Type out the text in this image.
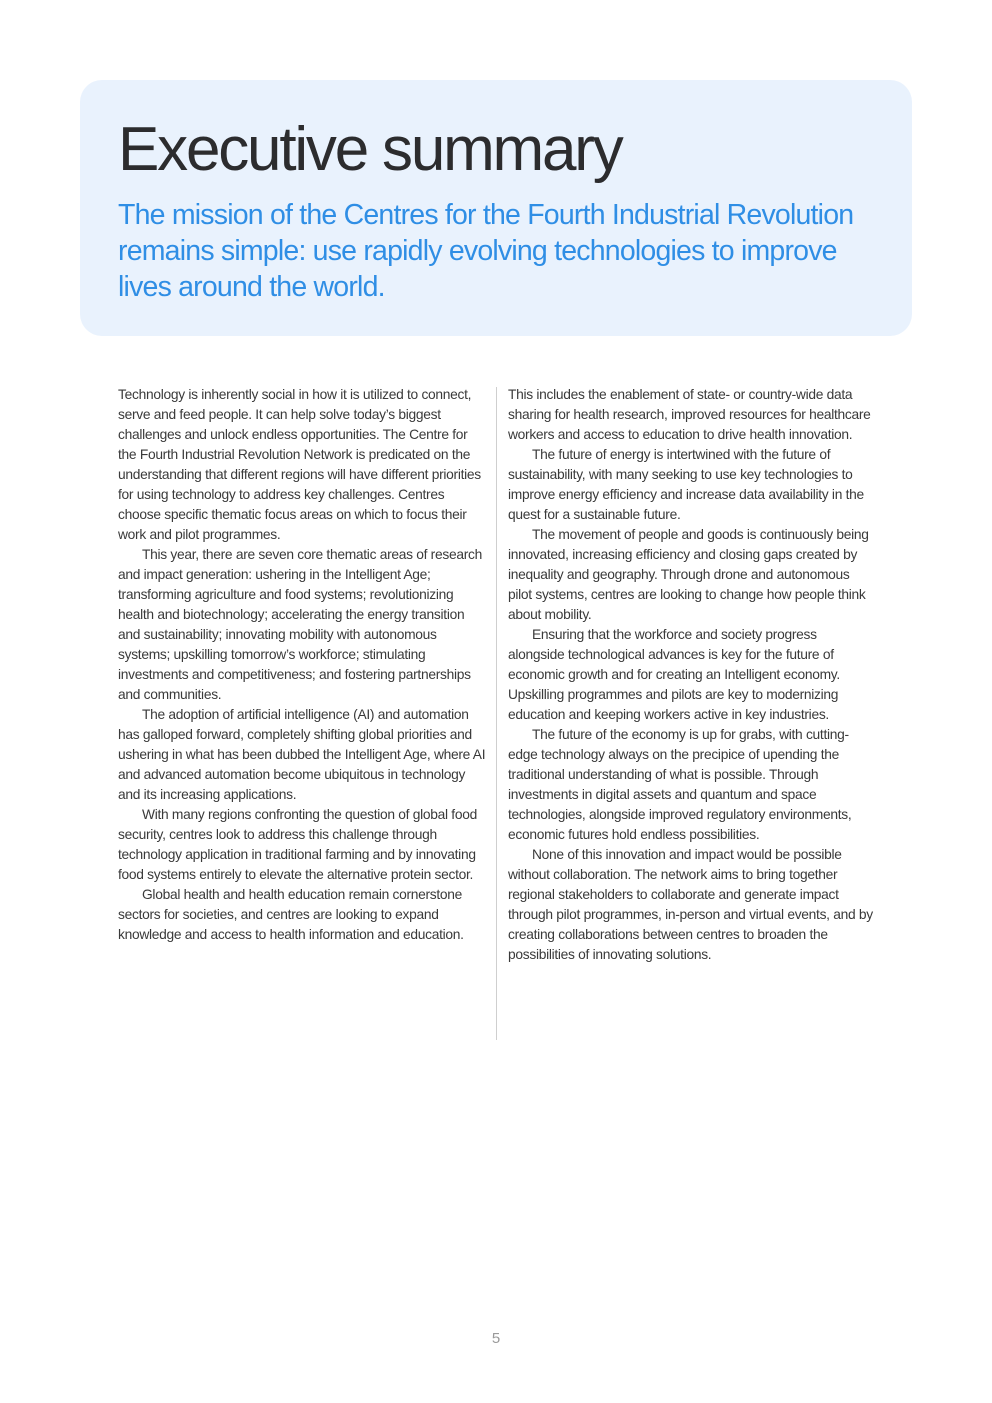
Executive summary
The mission of the Centres for the Fourth Industrial Revolution remains simple: use rapidly evolving technologies to improve lives around the world.

Technology is inherently social in how it is utilized to connect, serve and feed people. It can help solve today’s biggest challenges and unlock endless opportunities. The Centre for the Fourth Industrial Revolution Network is predicated on the understanding that different regions will have different priorities for using technology to address key challenges. Centres choose specific thematic focus areas on which to focus their work and pilot programmes.

This year, there are seven core thematic areas of research and impact generation: ushering in the Intelligent Age; transforming agriculture and food systems; revolutionizing health and biotechnology; accelerating the energy transition and sustainability; innovating mobility with autonomous systems; upskilling tomorrow’s workforce; stimulating investments and competitiveness; and fostering partnerships and communities.

The adoption of artificial intelligence (AI) and automation has galloped forward, completely shifting global priorities and ushering in what has been dubbed the Intelligent Age, where AI and advanced automation become ubiquitous in technology and its increasing applications.

With many regions confronting the question of global food security, centres look to address this challenge through technology application in traditional farming and by innovating food systems entirely to elevate the alternative protein sector.

Global health and health education remain cornerstone sectors for societies, and centres are looking to expand knowledge and access to health information and education.

This includes the enablement of state- or country-wide data sharing for health research, improved resources for healthcare workers and access to education to drive health innovation.

The future of energy is intertwined with the future of sustainability, with many seeking to use key technologies to improve energy efficiency and increase data availability in the quest for a sustainable future.

The movement of people and goods is continuously being innovated, increasing efficiency and closing gaps created by inequality and geography. Through drone and autonomous pilot systems, centres are looking to change how people think about mobility.

Ensuring that the workforce and society progress alongside technological advances is key for the future of economic growth and for creating an Intelligent economy. Upskilling programmes and pilots are key to modernizing education and keeping workers active in key industries.

The future of the economy is up for grabs, with cutting-edge technology always on the precipice of upending the traditional understanding of what is possible. Through investments in digital assets and quantum and space technologies, alongside improved regulatory environments, economic futures hold endless possibilities.

None of this innovation and impact would be possible without collaboration. The network aims to bring together regional stakeholders to collaborate and generate impact through pilot programmes, in-person and virtual events, and by creating collaborations between centres to broaden the possibilities of innovating solutions.

5
